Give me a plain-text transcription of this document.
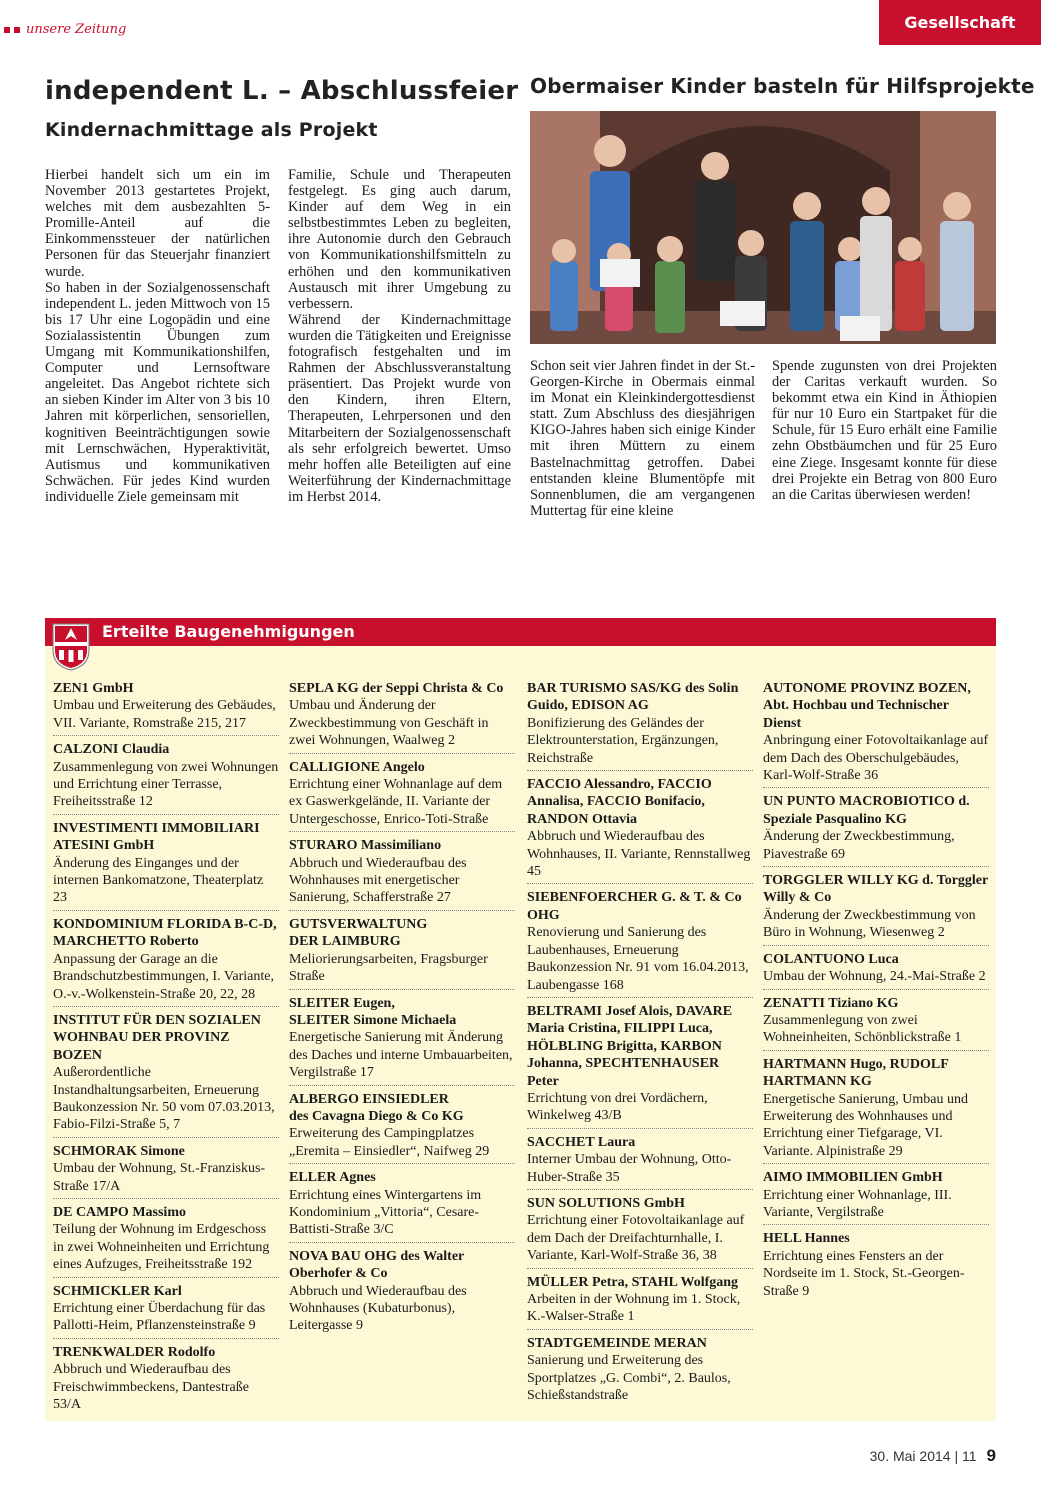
unsere Zeitung	Gesellschaft
independent L. – Abschlussfeier
Kindernachmittage als Projekt

Hierbei handelt sich um ein im November 2013 gestartetes Projekt, welches mit dem ausbezahlten 5-Promille-Anteil auf die Einkommenssteuer der natürlichen Personen für das Steuerjahr finanziert wurde.

So haben in der Sozialgenossenschaft independent L. jeden Mittwoch von 15 bis 17 Uhr eine Logopädin und eine Sozialassistentin Übungen zum Umgang mit Kommunikationshilfen, Computer und Lernsoftware angeleitet. Das Angebot richtete sich an sieben Kinder im Alter von 3 bis 10 Jahren mit körperlichen, sensoriellen, kognitiven Beeinträchtigungen sowie mit Lernschwächen, Hyperaktivität, Autismus und kommunikativen Schwächen. Für jedes Kind wurden individuelle Ziele gemeinsam mit

Familie, Schule und Therapeuten festgelegt. Es ging auch darum, Kinder auf dem Weg in ein selbstbestimmtes Leben zu begleiten, ihre Autonomie durch den Gebrauch von Kommunikationshilfsmitteln zu erhöhen und den kommunikativen Austausch mit ihrer Umgebung zu verbessern.

Während der Kindernachmittage wurden die Tätigkeiten und Ereignisse fotografisch festgehalten und im Rahmen der Abschlussveranstaltung präsentiert. Das Projekt wurde von den Kindern, ihren Eltern, Therapeuten, Lehrpersonen und den Mitarbeitern der Sozialgenossenschaft als sehr erfolgreich bewertet. Umso mehr hoffen alle Beteiligten auf eine Weiterführung der Kindernachmittage im Herbst 2014.

Obermaiser Kinder basteln für Hilfsprojekte

Schon seit vier Jahren findet in der St.-Georgen-Kirche in Obermais einmal im Monat ein Kleinkindergottesdienst statt. Zum Abschluss des diesjährigen KIGO-Jahres haben sich einige Kinder mit ihren Müttern zu einem Bastelnachmittag getroffen. Dabei entstanden kleine Blumentöpfe mit Sonnenblumen, die am vergangenen Muttertag für eine kleine

Spende zugunsten von drei Projekten der Caritas verkauft wurden. So bekommt etwa ein Kind in Äthiopien für nur 10 Euro ein Startpaket für die Schule, für 15 Euro erhält eine Familie zehn Obstbäumchen und für 25 Euro eine Ziege. Insgesamt konnte für diese drei Projekte ein Betrag von 800 Euro an die Caritas überwiesen werden!

Erteilte Baugenehmigungen
ZEN1 GmbH
Umbau und Erweiterung des Gebäudes, VII. Variante, Romstraße 215, 217
CALZONI Claudia
Zusammenlegung von zwei Wohnungen und Errichtung einer Terrasse, Freiheitsstraße 12
INVESTIMENTI IMMOBILIARI
ATESINI GmbH
Änderung des Einganges und der internen Bankomatzone, Theaterplatz 23
KONDOMINIUM FLORIDA B-C-D, MARCHETTO Roberto
Anpassung der Garage an die Brandschutzbestimmungen, I. Variante, O.-v.-Wolkenstein-Straße 20, 22, 28
INSTITUT FÜR DEN SOZIALEN WOHNBAU DER PROVINZ BOZEN
Außerordentliche Instandhaltungsarbeiten, Erneuerung Baukonzession Nr. 50 vom 07.03.2013, Fabio-Filzi-Straße 5, 7
SCHMORAK Simone
Umbau der Wohnung, St.-Franziskus-Straße 17/A
DE CAMPO Massimo
Teilung der Wohnung im Erdgeschoss in zwei Wohneinheiten und Errichtung eines Aufzuges, Freiheitsstraße 192
SCHMICKLER Karl
Errichtung einer Überdachung für das Pallotti-Heim, Pflanzensteinstraße 9
TRENKWALDER Rodolfo
Abbruch und Wiederaufbau des Freischwimmbeckens, Dantestraße 53/A
SEPLA KG der Seppi Christa & Co
Umbau und Änderung der Zweckbestimmung von Geschäft in zwei Wohnungen, Waalweg 2
CALLIGIONE Angelo
Errichtung einer Wohnanlage auf dem ex Gaswerkgelände, II. Variante der Untergeschosse, Enrico-Toti-Straße
STURARO Massimiliano
Abbruch und Wiederaufbau des Wohnhauses mit energetischer Sanierung, Schafferstraße 27
GUTSVERWALTUNG
DER LAIMBURG
Meliorierungsarbeiten, Fragsburger Straße
SLEITER Eugen,
SLEITER Simone Michaela
Energetische Sanierung mit Änderung des Daches und interne Umbauarbeiten, Vergilstraße 17
ALBERGO EINSIEDLER
des Cavagna Diego & Co KG
Erweiterung des Campingplatzes „Eremita – Einsiedler“, Naifweg 29
ELLER Agnes
Errichtung eines Wintergartens im Kondominium „Vittoria“, Cesare-Battisti-Straße 3/C
NOVA BAU OHG des Walter Oberhofer & Co
Abbruch und Wiederaufbau des Wohnhauses (Kubaturbonus), Leitergasse 9
BAR TURISMO SAS/KG des Solin Guido, EDISON AG
Bonifizierung des Geländes der Elektrounterstation, Ergänzungen, Reichstraße
FACCIO Alessandro, FACCIO Annalisa, FACCIO Bonifacio, RANDON Ottavia
Abbruch und Wiederaufbau des Wohnhauses, II. Variante, Rennstallweg 45
SIEBENFOERCHER G. & T. & Co
OHG
Renovierung und Sanierung des Laubenhauses, Erneuerung Baukonzession Nr. 91 vom 16.04.2013, Laubengasse 168
BELTRAMI Josef Alois, DAVARE Maria Cristina, FILIPPI Luca, HÖLBLING Brigitta, KARBON Johanna, SPECHTENHAUSER Peter
Errichtung von drei Vordächern, Winkelweg 43/B
SACCHET Laura
Interner Umbau der Wohnung, Otto-Huber-Straße 35
SUN SOLUTIONS GmbH
Errichtung einer Fotovoltaikanlage auf dem Dach der Dreifachturnhalle, I. Variante, Karl-Wolf-Straße 36, 38
MÜLLER Petra, STAHL Wolfgang
Arbeiten in der Wohnung im 1. Stock, K.-Walser-Straße 1
STADTGEMEINDE MERAN
Sanierung und Erweiterung des Sportplatzes „G. Combi“, 2. Baulos, Schießstandstraße
AUTONOME PROVINZ BOZEN,
Abt. Hochbau und Technischer Dienst
Anbringung einer Fotovoltaikanlage auf dem Dach des Oberschulgebäudes, Karl-Wolf-Straße 36
UN PUNTO MACROBIOTICO d. Speziale Pasqualino KG
Änderung der Zweckbestimmung, Piavestraße 69
TORGGLER WILLY KG d. Torggler Willy & Co
Änderung der Zweckbestimmung von Büro in Wohnung, Wiesenweg 2
COLANTUONO Luca
Umbau der Wohnung, 24.-Mai-Straße 2
ZENATTI Tiziano KG
Zusammenlegung von zwei Wohneinheiten, Schönblickstraße 1
HARTMANN Hugo, RUDOLF HARTMANN KG
Energetische Sanierung, Umbau und Erweiterung des Wohnhauses und Errichtung einer Tiefgarage, VI. Variante. Alpinistraße 29
AIMO IMMOBILIEN GmbH
Errichtung einer Wohnanlage, III. Variante, Vergilstraße
HELL Hannes
Errichtung eines Fensters an der Nordseite im 1. Stock, St.-Georgen-Straße 9
30. Mai 2014 | 11 9
